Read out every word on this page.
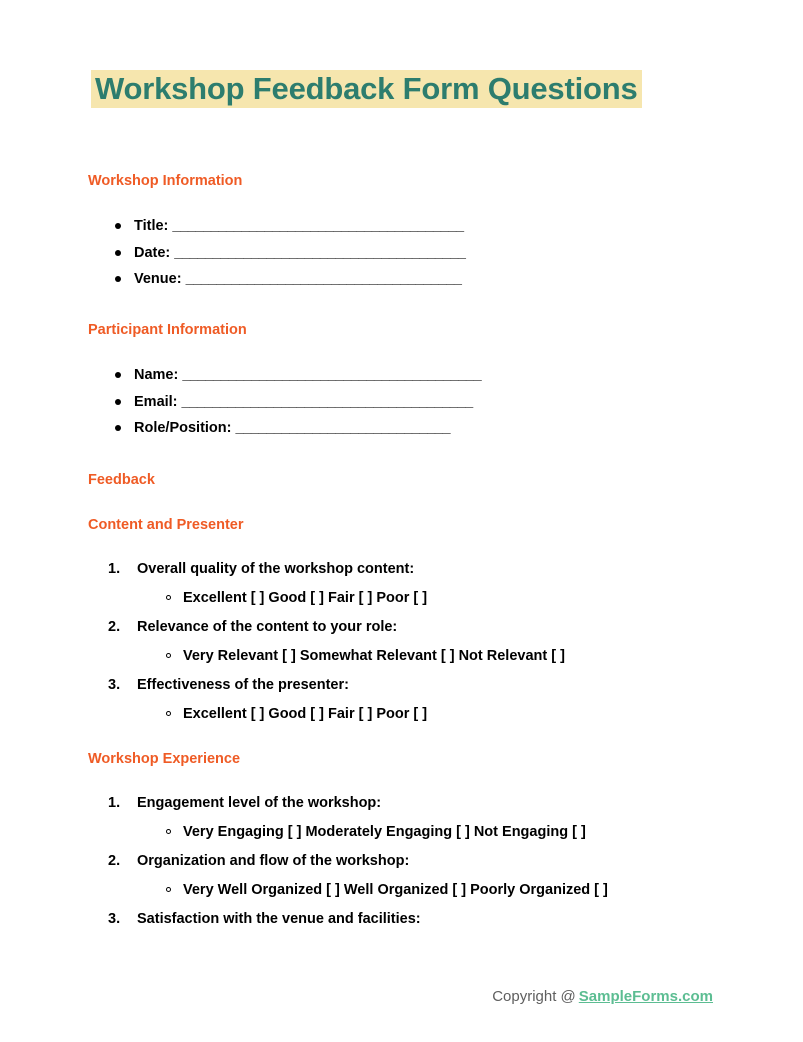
Workshop Feedback Form Questions
Workshop Information
Title: ______________________________________
Date: ______________________________________
Venue: ____________________________________
Participant Information
Name: _______________________________________
Email: ______________________________________
Role/Position: ____________________________
Feedback
Content and Presenter
1. Overall quality of the workshop content:
Excellent [ ] Good [ ] Fair [ ] Poor [ ]
2. Relevance of the content to your role:
Very Relevant [ ] Somewhat Relevant [ ] Not Relevant [ ]
3. Effectiveness of the presenter:
Excellent [ ] Good [ ] Fair [ ] Poor [ ]
Workshop Experience
1. Engagement level of the workshop:
Very Engaging [ ] Moderately Engaging [ ] Not Engaging [ ]
2. Organization and flow of the workshop:
Very Well Organized [ ] Well Organized [ ] Poorly Organized [ ]
3. Satisfaction with the venue and facilities:
Copyright @ SampleForms.com
